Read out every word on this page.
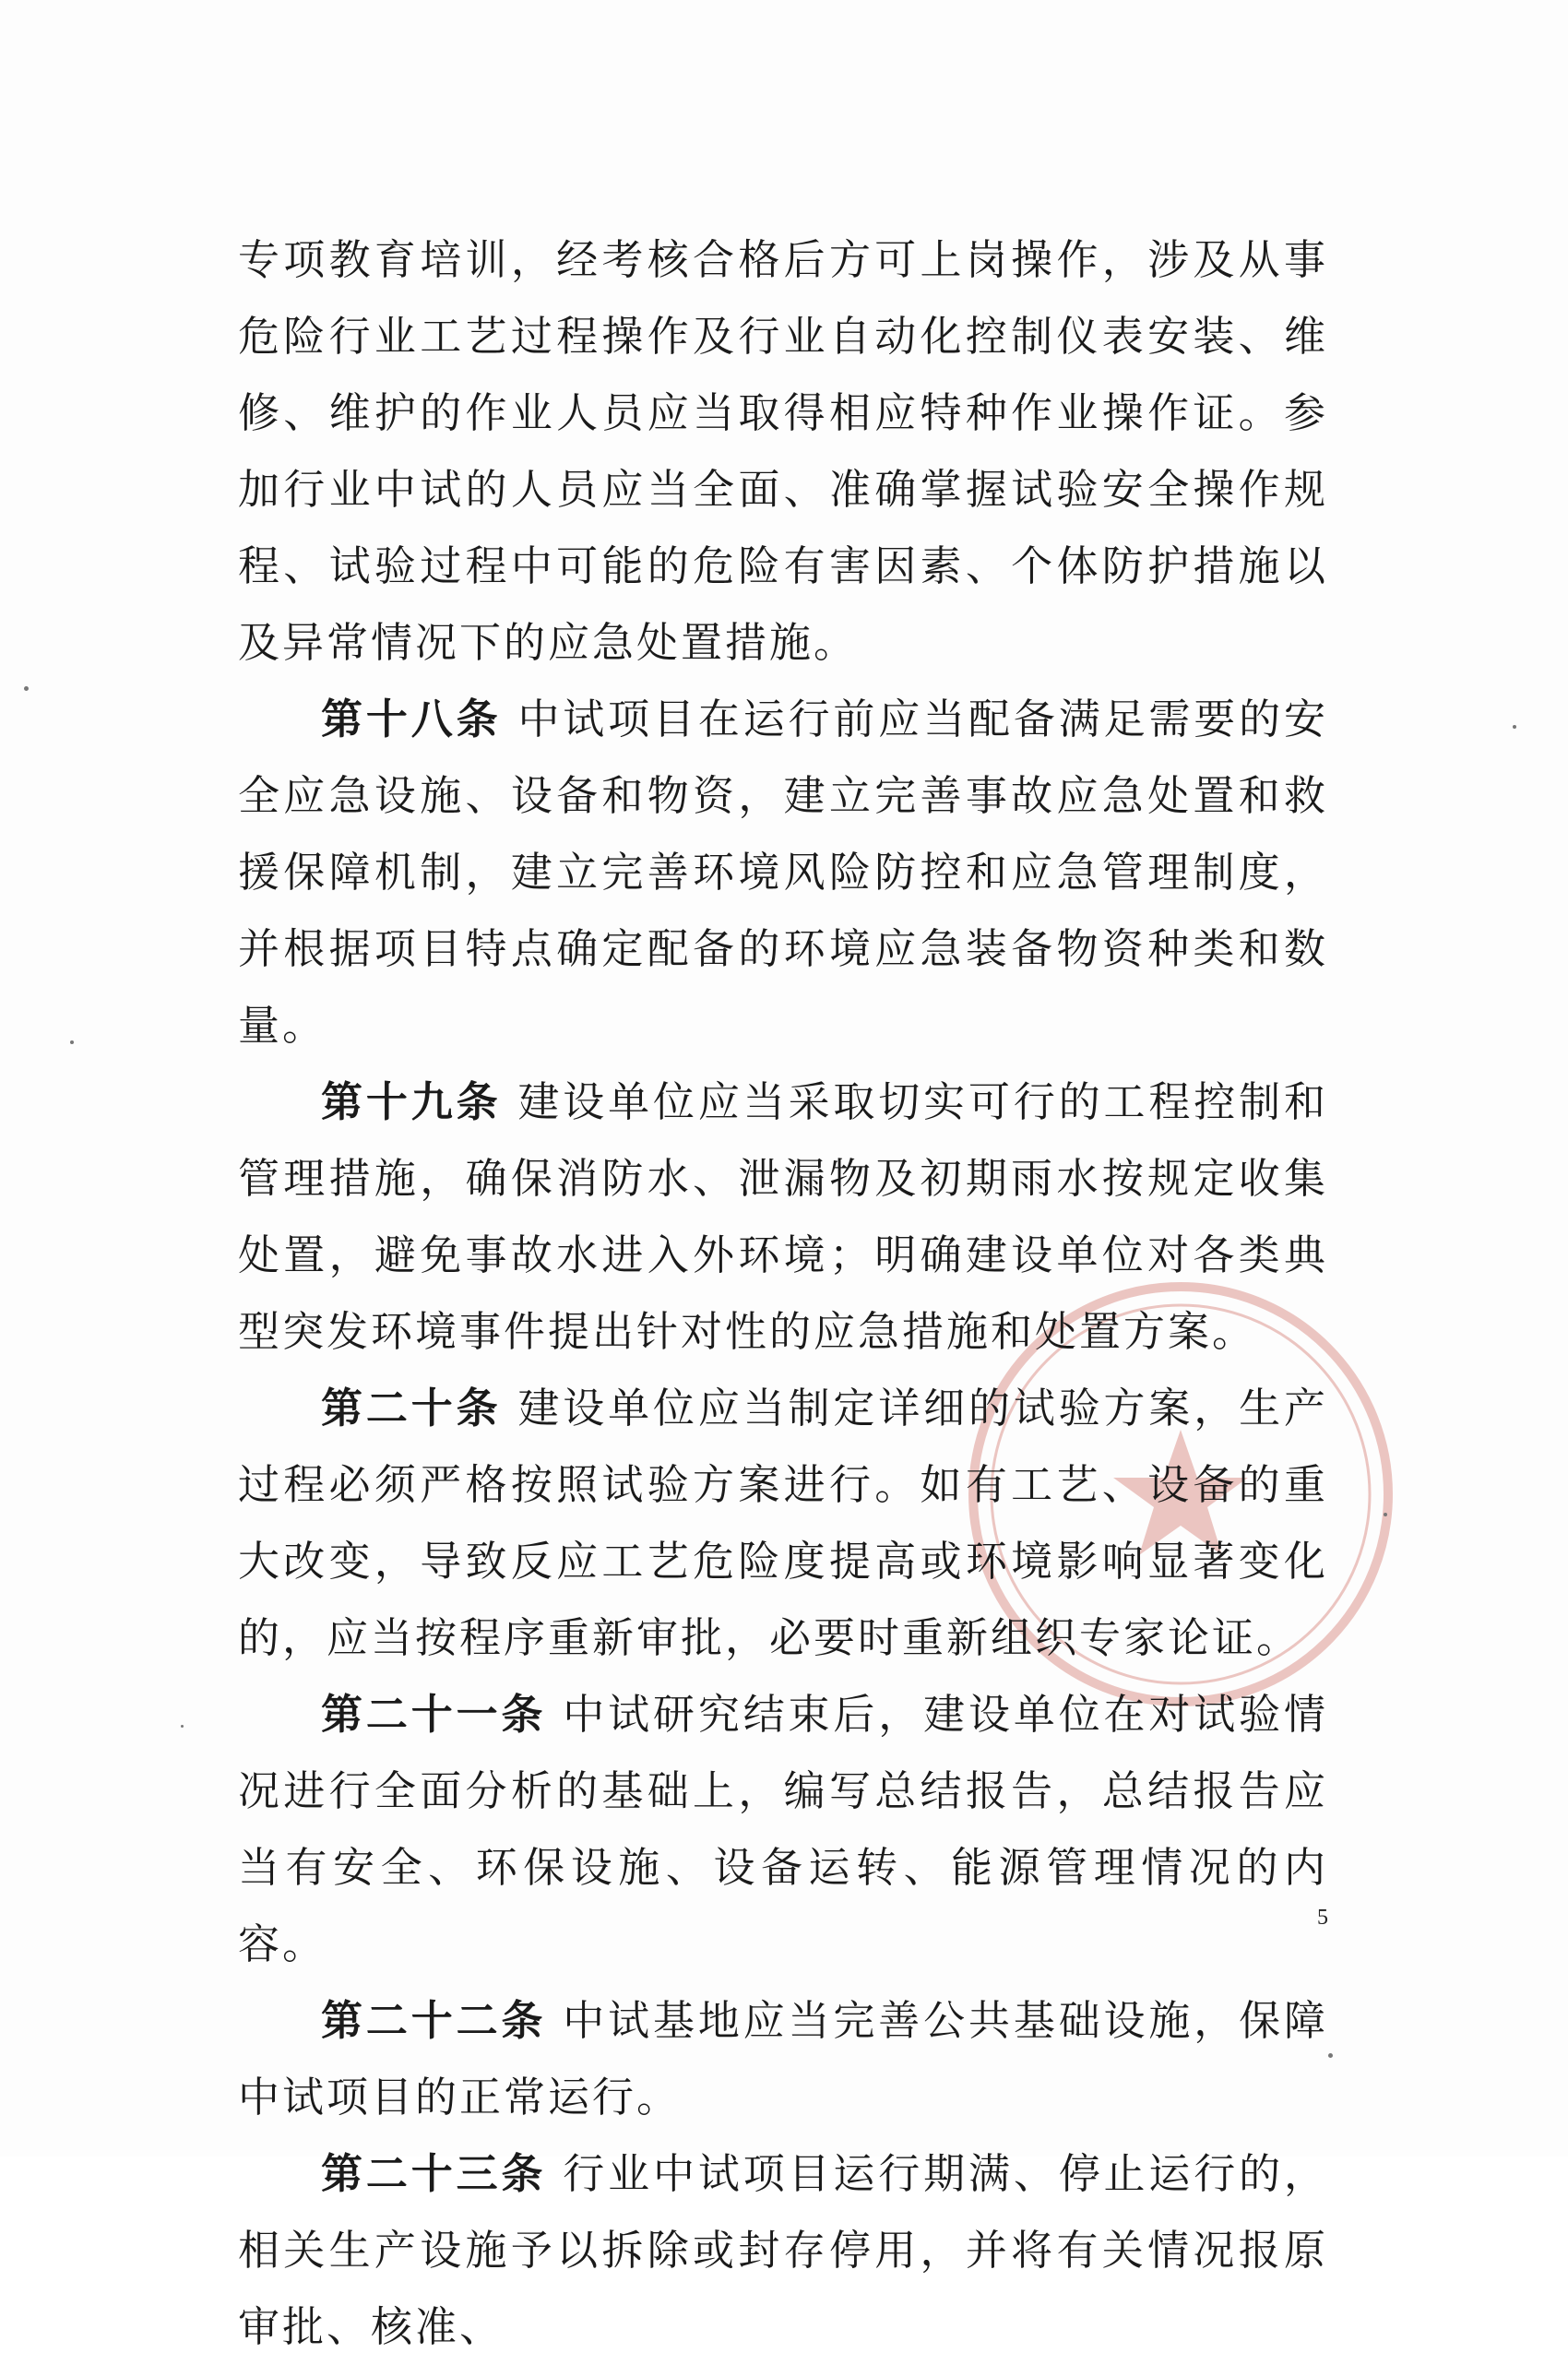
专项教育培训，经考核合格后方可上岗操作，涉及从事危险行业工艺过程操作及行业自动化控制仪表安装、维修、维护的作业人员应当取得相应特种作业操作证。参加行业中试的人员应当全面、准确掌握试验安全操作规程、试验过程中可能的危险有害因素、个体防护措施以及异常情况下的应急处置措施。

第十八条 中试项目在运行前应当配备满足需要的安全应急设施、设备和物资，建立完善事故应急处置和救援保障机制，建立完善环境风险防控和应急管理制度，并根据项目特点确定配备的环境应急装备物资种类和数量。

第十九条 建设单位应当采取切实可行的工程控制和管理措施，确保消防水、泄漏物及初期雨水按规定收集处置，避免事故水进入外环境；明确建设单位对各类典型突发环境事件提出针对性的应急措施和处置方案。

第二十条 建设单位应当制定详细的试验方案，生产过程必须严格按照试验方案进行。如有工艺、设备的重大改变，导致反应工艺危险度提高或环境影响显著变化的，应当按程序重新审批，必要时重新组织专家论证。

第二十一条 中试研究结束后，建设单位在对试验情况进行全面分析的基础上，编写总结报告，总结报告应当有安全、环保设施、设备运转、能源管理情况的内容。

第二十二条 中试基地应当完善公共基础设施，保障中试项目的正常运行。

第二十三条 行业中试项目运行期满、停止运行的，相关生产设施予以拆除或封存停用，并将有关情况报原审批、核准、

5
